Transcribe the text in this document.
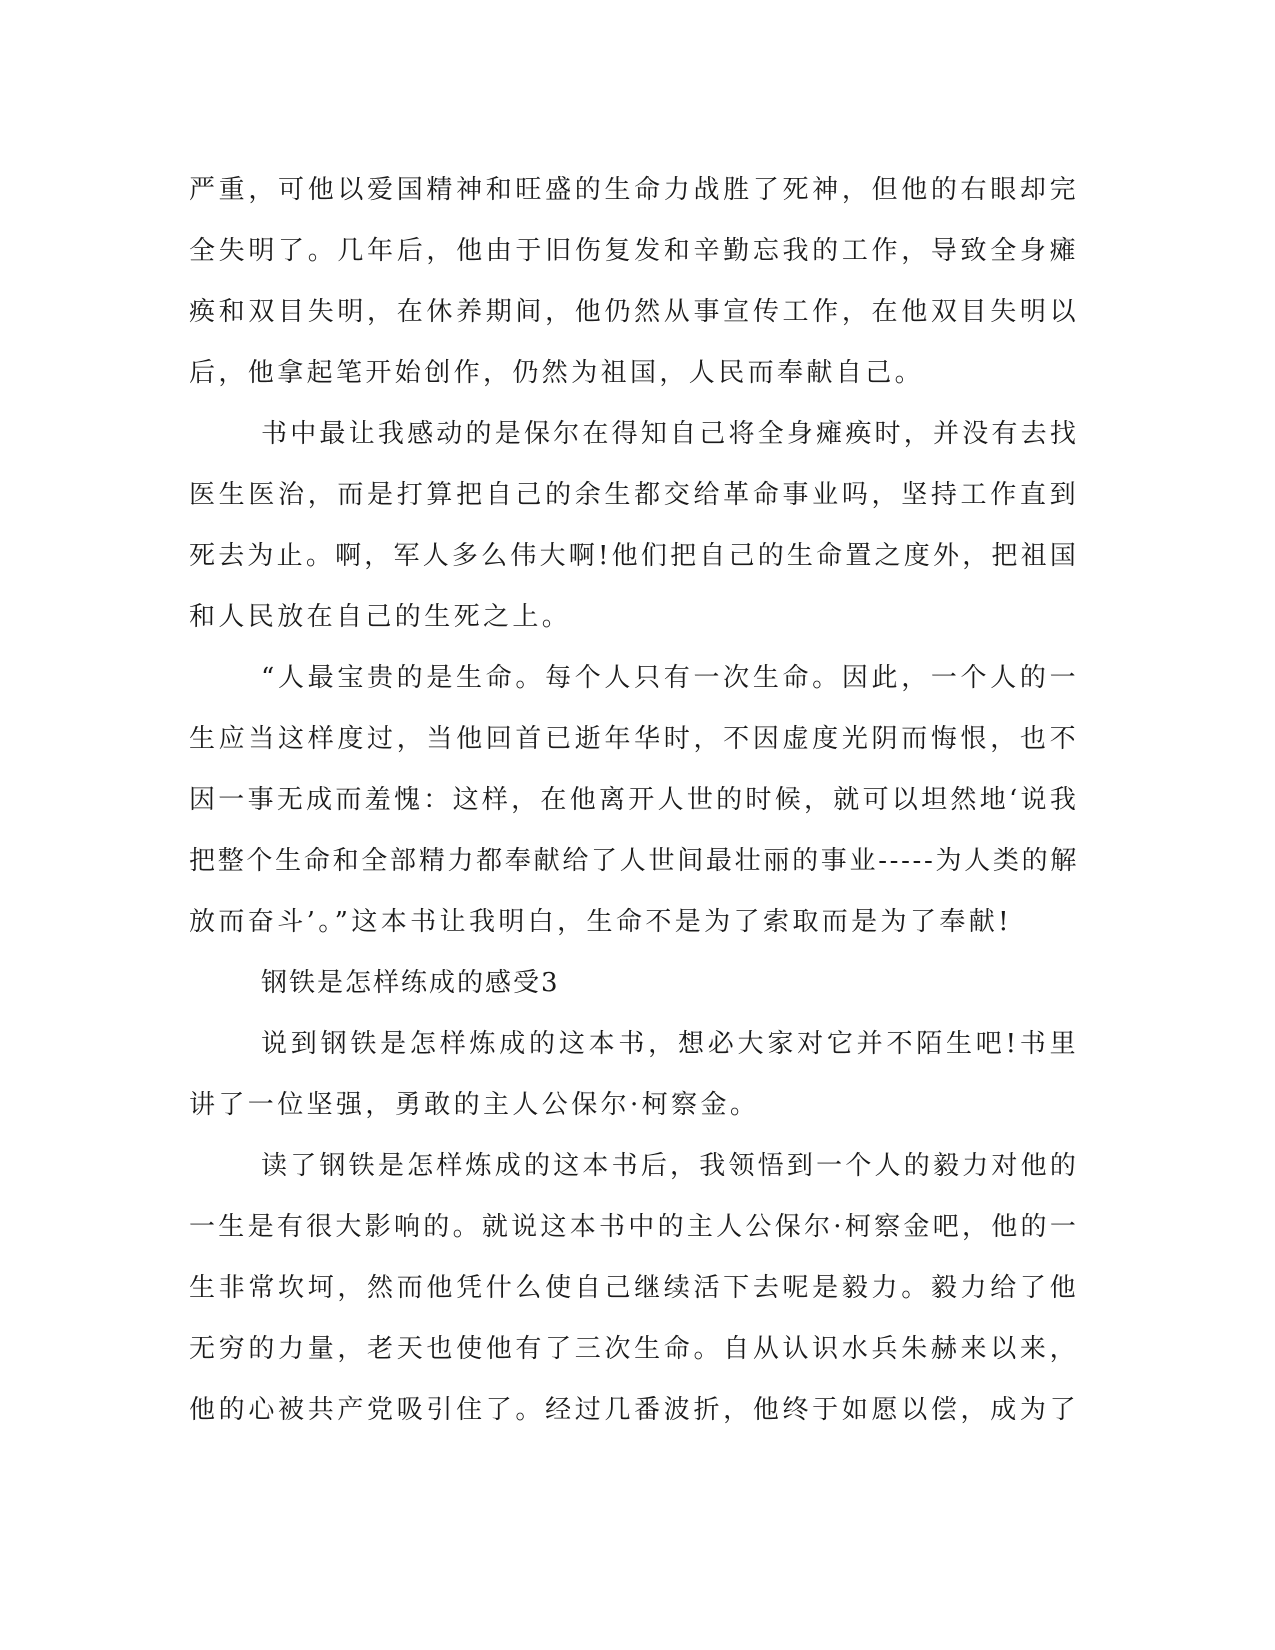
严重，可他以爱国精神和旺盛的生命力战胜了死神，但他的右眼却完
全失明了。几年后，他由于旧伤复发和辛勤忘我的工作，导致全身瘫
痪和双目失明，在休养期间，他仍然从事宣传工作，在他双目失明以
后，他拿起笔开始创作，仍然为祖国，人民而奉献自己。
书中最让我感动的是保尔在得知自己将全身瘫痪时，并没有去找
医生医治，而是打算把自己的余生都交给革命事业吗，坚持工作直到
死去为止。啊，军人多么伟大啊!他们把自己的生命置之度外，把祖国
和人民放在自己的生死之上。
“人最宝贵的是生命。每个人只有一次生命。因此，一个人的一
生应当这样度过，当他回首已逝年华时，不因虚度光阴而悔恨，也不
因一事无成而羞愧：这样，在他离开人世的时候，就可以坦然地‘说我
把整个生命和全部精力都奉献给了人世间最壮丽的事业-----为人类的解
放而奋斗’。”这本书让我明白，生命不是为了索取而是为了奉献!
钢铁是怎样练成的感受3
说到钢铁是怎样炼成的这本书，想必大家对它并不陌生吧!书里
讲了一位坚强，勇敢的主人公保尔·柯察金。
读了钢铁是怎样炼成的这本书后，我领悟到一个人的毅力对他的
一生是有很大影响的。就说这本书中的主人公保尔·柯察金吧，他的一
生非常坎坷，然而他凭什么使自己继续活下去呢是毅力。毅力给了他
无穷的力量，老天也使他有了三次生命。自从认识水兵朱赫来以来，
他的心被共产党吸引住了。经过几番波折，他终于如愿以偿，成为了
